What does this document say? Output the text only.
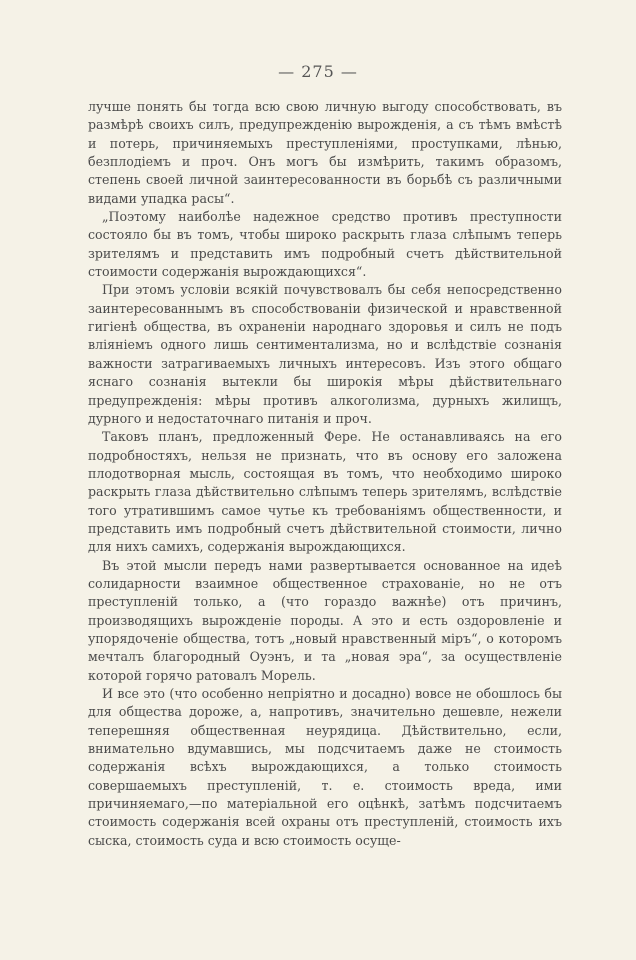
— 275 —

лучше понять бы тогда всю свою личную выгоду способствовать, въ размѣрѣ своихъ силъ, предупрежденію вырожденія, а съ тѣмъ вмѣстѣ и потерь, причиняемыхъ преступленіями, проступками, лѣнью, безплодіемъ и проч. Онъ могъ бы измѣрить, такимъ образомъ, степень своей личной заинтересованности въ борьбѣ съ различными видами упадка расы“.

„Поэтому наиболѣе надежное средство противъ преступности состояло бы въ томъ, чтобы широко раскрыть глаза слѣпымъ теперь зрителямъ и представить имъ подробный счетъ дѣйствительной стоимости содержанія вырождающихся“.

При этомъ условіи всякій почувствовалъ бы себя непосредственно заинтересованнымъ въ способствованіи физической и нравственной гигіенѣ общества, въ охраненіи народнаго здоровья и силъ не подъ вліяніемъ одного лишь сентиментализма, но и вслѣдствіе сознанія важности затрагиваемыхъ личныхъ интересовъ. Изъ этого общаго яснаго сознанія вытекли бы широкія мѣры дѣйствительнаго предупрежденія: мѣры противъ алкоголизма, дурныхъ жилищъ, дурного и недостаточнаго питанія и проч.

Таковъ планъ, предложенный Фере. Не останавливаясь на его подробностяхъ, нельзя не признать, что въ основу его заложена плодотворная мысль, состоящая въ томъ, что необходимо широко раскрыть глаза дѣйствительно слѣпымъ теперь зрителямъ, вслѣдствіе того утратившимъ самое чутье къ требованіямъ общественности, и представить имъ подробный счетъ дѣйствительной стоимости, лично для нихъ самихъ, содержанія вырождающихся.

Въ этой мысли передъ нами развертывается основанное на идеѣ солидарности взаимное общественное страхованіе, но не отъ преступленій только, а (что гораздо важнѣе) отъ причинъ, производящихъ вырожденіе породы. А это и есть оздоровленіе и упорядоченіе общества, тотъ „новый нравственный міръ“, о которомъ мечталъ благородный Оуэнъ, и та „новая эра“, за осуществленіе которой горячо ратовалъ Морель.

И все это (что особенно непріятно и досадно) вовсе не обошлось бы для общества дороже, а, напротивъ, значительно дешевле, нежели теперешняя общественная неурядица. Дѣйствительно, если, внимательно вдумавшись, мы подсчитаемъ даже не стоимость содержанія всѣхъ вырождающихся, а только стоимость совершаемыхъ преступленій, т. е. стоимость вреда, ими причиняемаго,—по матеріальной его оцѣнкѣ, затѣмъ подсчитаемъ стоимость содержанія всей охраны отъ преступленій, стоимость ихъ сыска, стоимость суда и всю стоимость осуще-
